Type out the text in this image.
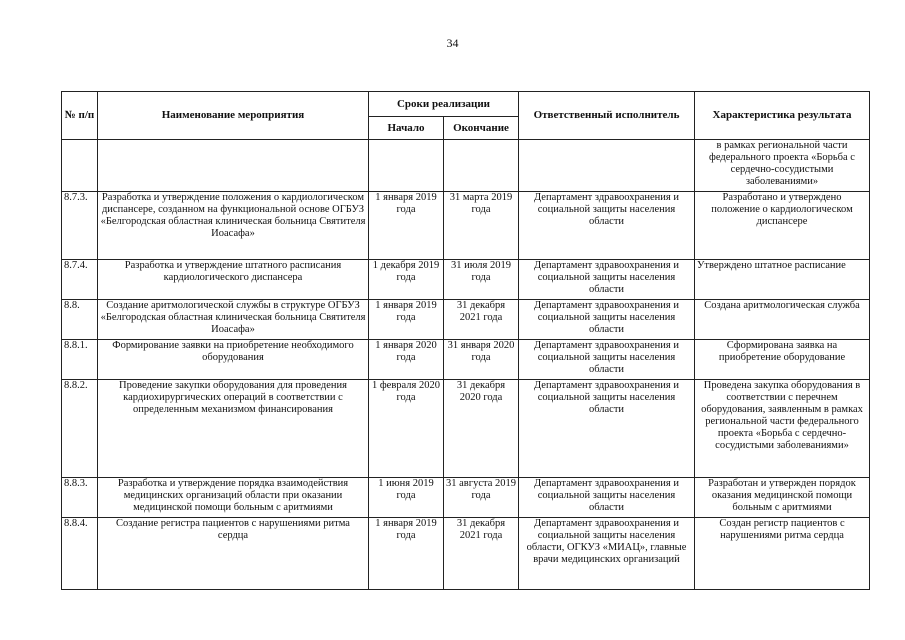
34
№ п/п	Наименование мероприятия	Сроки реализации		Ответственный исполнитель	Характеристика результата
		Начало	Окончание		
					в рамках региональной части федерального проекта «Борьба с сердечно-сосудистыми заболеваниями»
8.7.3.	Разработка и утверждение положения о кардиологическом диспансере, созданном на функциональной основе ОГБУЗ «Белгородская областная клиническая больница Святителя Иоасафа»	1 января 2019 года	31 марта 2019 года	Департамент здравоохранения и социальной защиты населения области	Разработано и утверждено положение о кардиологическом диспансере
8.7.4.	Разработка и утверждение штатного расписания кардиологического диспансера	1 декабря 2019 года	31 июля 2019 года	Департамент здравоохранения и социальной защиты населения области	Утверждено штатное расписание
8.8.	Создание аритмологической службы в структуре ОГБУЗ «Белгородская областная клиническая больница Святителя Иоасафа»	1 января 2019 года	31 декабря 2021 года	Департамент здравоохранения и социальной защиты населения области	Создана аритмологическая служба
8.8.1.	Формирование заявки на приобретение необходимого оборудования	1 января 2020 года	31 января 2020 года	Департамент здравоохранения и социальной защиты населения области	Сформирована заявка на приобретение оборудование
8.8.2.	Проведение закупки оборудования для проведения кардиохирургических операций в соответствии с определенным механизмом финансирования	1 февраля 2020 года	31 декабря 2020 года	Департамент здравоохранения и социальной защиты населения области	Проведена закупка оборудования в соответствии с перечнем оборудования, заявленным в рамках региональной части федерального проекта «Борьба с сердечно-сосудистыми заболеваниями»
8.8.3.	Разработка и утверждение порядка взаимодействия медицинских организаций области при оказании медицинской помощи больным с аритмиями	1 июня 2019 года	31 августа 2019 года	Департамент здравоохранения и социальной защиты населения области	Разработан и утвержден порядок оказания медицинской помощи больным с аритмиями
8.8.4.	Создание регистра пациентов с нарушениями ритма сердца	1 января 2019 года	31 декабря 2021 года	Департамент здравоохранения и социальной защиты населения области, ОГКУЗ «МИАЦ», главные врачи медицинских организаций	Создан регистр пациентов с нарушениями ритма сердца
